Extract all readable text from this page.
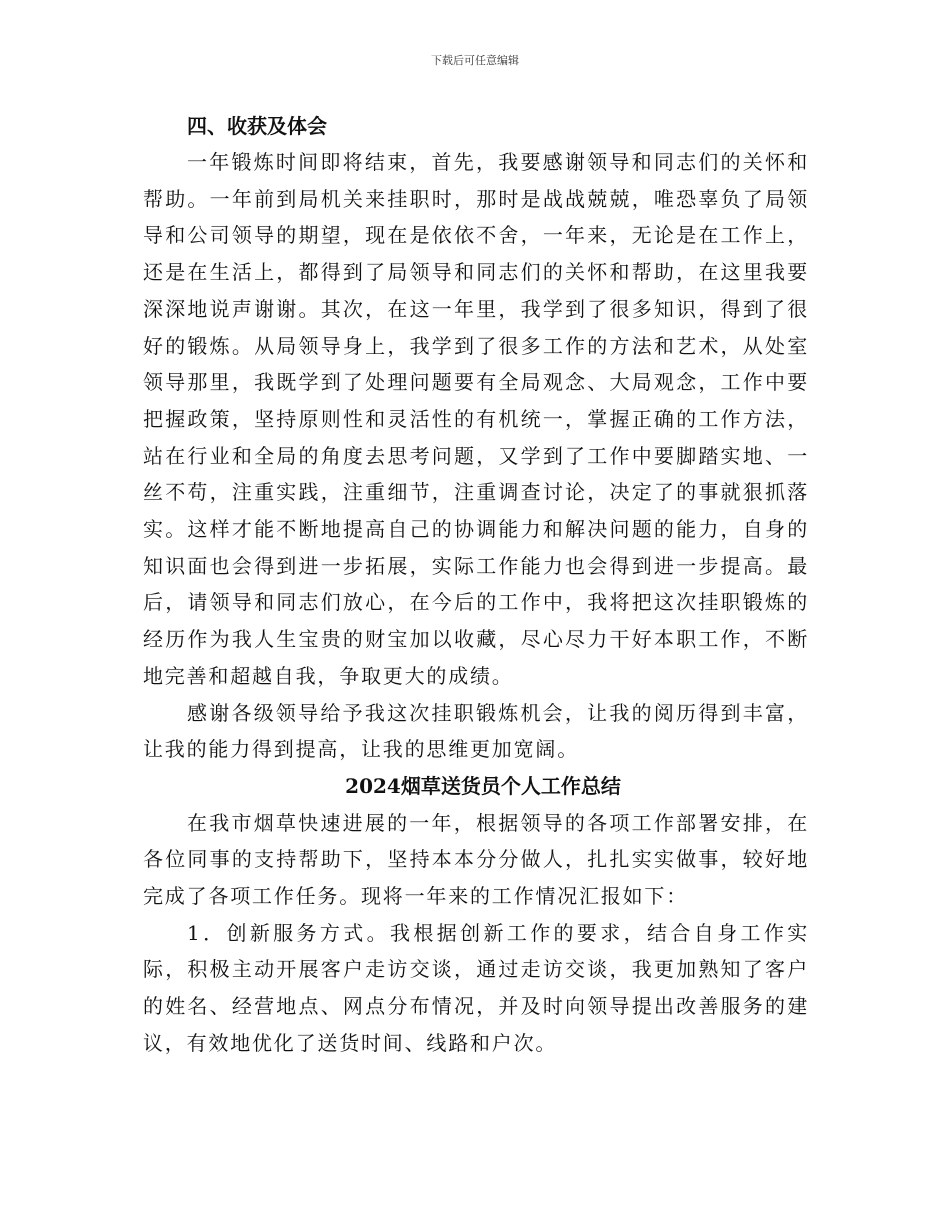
下载后可任意编辑
四、收获及体会

一年锻炼时间即将结束，首先，我要感谢领导和同志们的关怀和帮助。一年前到局机关来挂职时，那时是战战兢兢，唯恐辜负了局领导和公司领导的期望，现在是依依不舍，一年来，无论是在工作上，还是在生活上，都得到了局领导和同志们的关怀和帮助，在这里我要深深地说声谢谢。其次，在这一年里，我学到了很多知识，得到了很好的锻炼。从局领导身上，我学到了很多工作的方法和艺术，从处室领导那里，我既学到了处理问题要有全局观念、大局观念，工作中要把握政策，坚持原则性和灵活性的有机统一，掌握正确的工作方法，站在行业和全局的角度去思考问题，又学到了工作中要脚踏实地、一丝不苟，注重实践，注重细节，注重调查讨论，决定了的事就狠抓落实。这样才能不断地提高自己的协调能力和解决问题的能力，自身的知识面也会得到进一步拓展，实际工作能力也会得到进一步提高。最后，请领导和同志们放心，在今后的工作中，我将把这次挂职锻炼的经历作为我人生宝贵的财宝加以收藏，尽心尽力干好本职工作，不断地完善和超越自我，争取更大的成绩。

感谢各级领导给予我这次挂职锻炼机会，让我的阅历得到丰富，让我的能力得到提高，让我的思维更加宽阔。

2024烟草送货员个人工作总结

在我市烟草快速进展的一年，根据领导的各项工作部署安排，在各位同事的支持帮助下，坚持本本分分做人，扎扎实实做事，较好地完成了各项工作任务。现将一年来的工作情况汇报如下：

1．创新服务方式。我根据创新工作的要求，结合自身工作实际，积极主动开展客户走访交谈，通过走访交谈，我更加熟知了客户的姓名、经营地点、网点分布情况，并及时向领导提出改善服务的建议，有效地优化了送货时间、线路和户次。
